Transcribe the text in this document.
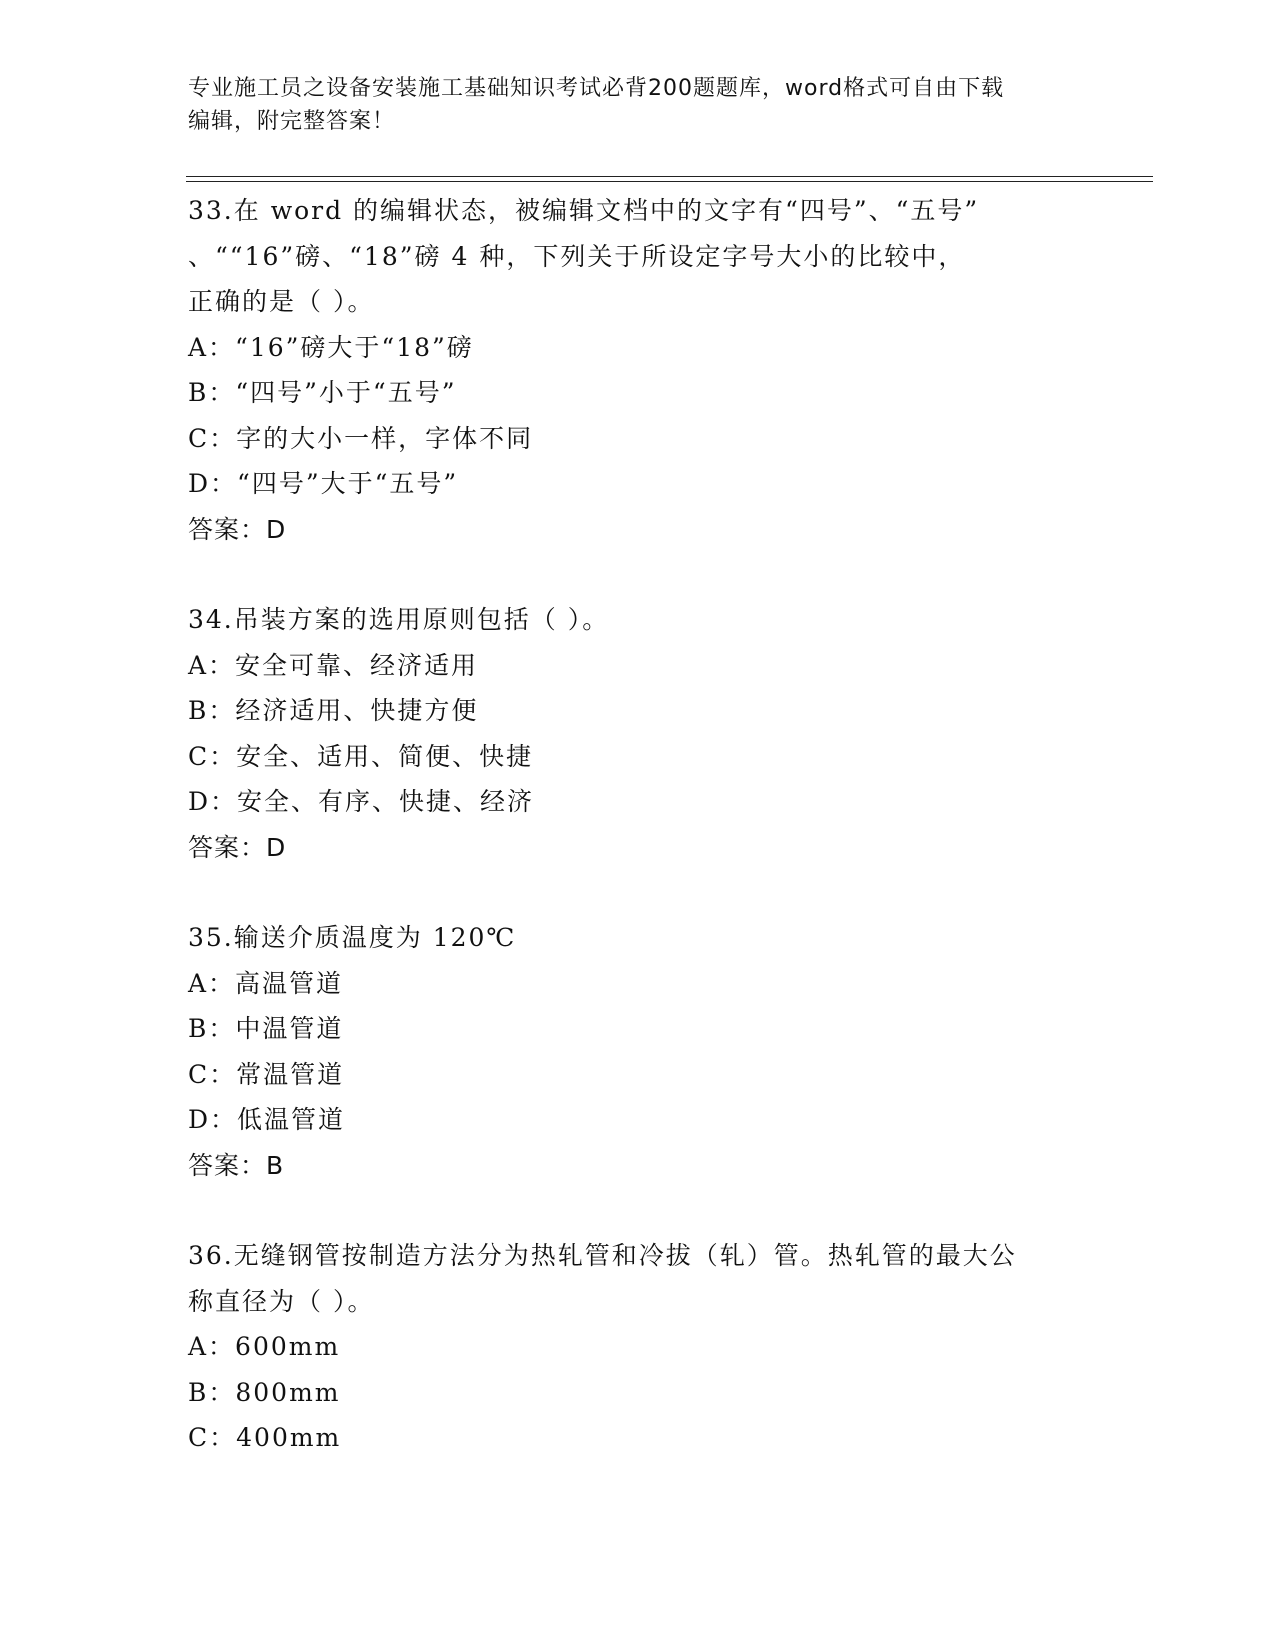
专业施工员之设备安装施工基础知识考试必背200题题库，word格式可自由下载
编辑，附完整答案！
33.在 word 的编辑状态，被编辑文档中的文字有“四号”、“五号”
、““16”磅、“18”磅 4 种，下列关于所设定字号大小的比较中，
正确的是（ ）。
A：“16”磅大于“18”磅
B：“四号”小于“五号”
C：字的大小一样，字体不同
D：“四号”大于“五号”
答案：D
34.吊装方案的选用原则包括（ ）。
A：安全可靠、经济适用
B：经济适用、快捷方便
C：安全、适用、简便、快捷
D：安全、有序、快捷、经济
答案：D
35.输送介质温度为 120℃
A：高温管道
B：中温管道
C：常温管道
D：低温管道
答案：B
36.无缝钢管按制造方法分为热轧管和冷拔（轧）管。热轧管的最大公
称直径为（ ）。
A：600mm
B：800mm
C：400mm
